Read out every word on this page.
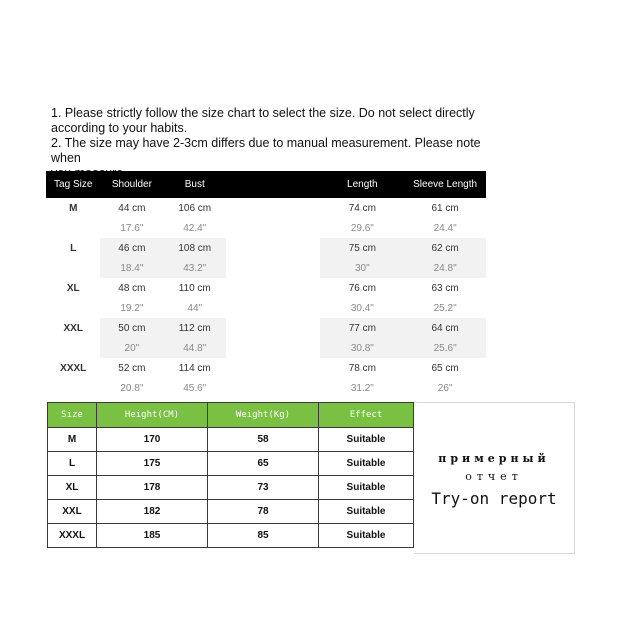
1. Please strictly follow the size chart to select the size. Do not select directly

according to your habits.

2. The size may have 2-3cm differs due to manual measurement. Please note when

Tag Size	Shoulder	Bust		Length	Sleeve Length
M	44 cm	106 cm		74 cm	61 cm
	17.6"	42.4"		29.6"	24.4"
L	46 cm	108 cm		75 cm	62 cm
	18.4"	43.2"		30"	24.8"
XL	48 cm	110 cm		76 cm	63 cm
	19.2"	44"		30.4"	25.2"
XXL	50 cm	112 cm		77 cm	64 cm
	20"	44.8"		30.8"	25.6"
XXXL	52 cm	114 cm		78 cm	65 cm
	20.8"	45.6"		31.2"	26"
Size	Height(CM)	Weight(Kg)	Effect
M	170	58	Suitable
L	175	65	Suitable
XL	178	73	Suitable
XXL	182	78	Suitable
XXXL	185	85	Suitable
примерный
отчет
Try-on report
